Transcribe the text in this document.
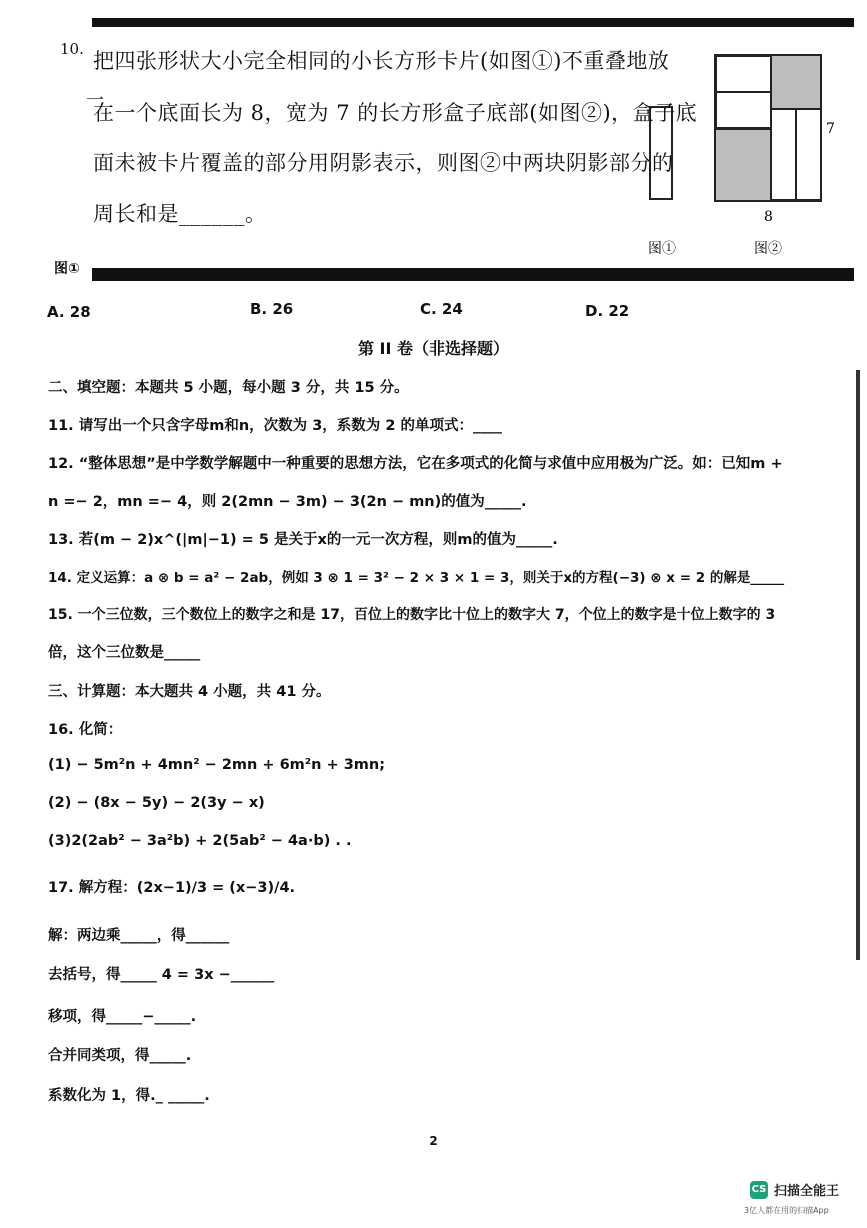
10. 把四张形状大小完全相同的小长方形卡片(如图①)不重叠地放
一
在一个底面长为 8，宽为 7 的长方形盒子底部(如图②)，盒子底
面未被卡片覆盖的部分用阴影表示，则图②中两块阴影部分的
周长和是______。
7
8
图①	图②
图①
A. 28	B. 26	C. 24	D. 22
第 II 卷（非选择题）
二、填空题：本题共 5 小题，每小题 3 分，共 15 分。
11. 请写出一个只含字母m和n，次数为 3，系数为 2 的单项式：____
12. “整体思想”是中学数学解题中一种重要的思想方法，它在多项式的化简与求值中应用极为广泛。如：已知m +
n =− 2，mn =− 4，则 2(2mn − 3m) − 3(2n − mn)的值为_____.
13. 若(m − 2)x^(|m|−1) = 5 是关于x的一元一次方程，则m的值为_____.
14. 定义运算：a ⊗ b = a² − 2ab，例如 3 ⊗ 1 = 3² − 2 × 3 × 1 = 3，则关于x的方程(−3) ⊗ x = 2 的解是_____
15. 一个三位数，三个数位上的数字之和是 17，百位上的数字比十位上的数字大 7，个位上的数字是十位上数字的 3
倍，这个三位数是_____
三、计算题：本大题共 4 小题，共 41 分。
16. 化简：
(1) − 5m²n + 4mn² − 2mn + 6m²n + 3mn;
(2) − (8x − 5y) − 2(3y − x)
(3)2(2ab² − 3a²b) + 2(5ab² − 4a·b) . .
17. 解方程：(2x−1)/3 = (x−3)/4.
解：两边乘_____，得______
去括号，得_____ 4 = 3x −______
移项，得_____−_____.
合并同类项，得_____.
系数化为 1，得._ _____.
2
CS 扫描全能王
3亿人都在用的扫描App
